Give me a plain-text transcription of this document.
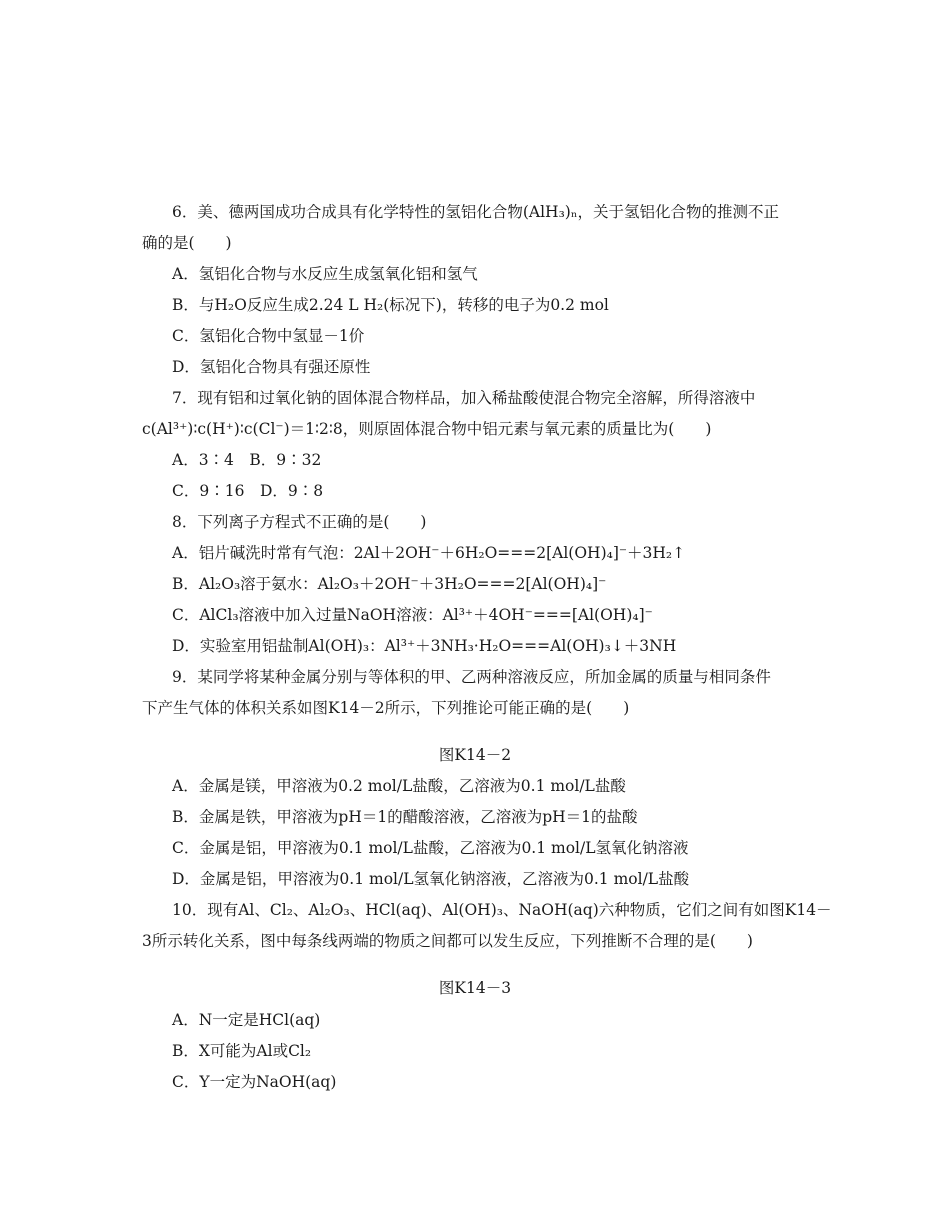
6．美、德两国成功合成具有化学特性的氢铝化合物(AlH₃)ₙ，关于氢铝化合物的推测不正
确的是(　　)
A．氢铝化合物与水反应生成氢氧化铝和氢气
B．与H₂O反应生成2.24 L H₂(标况下)，转移的电子为0.2 mol
C．氢铝化合物中氢显－1价
D．氢铝化合物具有强还原性
7．现有铝和过氧化钠的固体混合物样品，加入稀盐酸使混合物完全溶解，所得溶液中
c(Al³⁺)∶c(H⁺)∶c(Cl⁻)＝1∶2∶8，则原固体混合物中铝元素与氧元素的质量比为(　　)
A．3∶4　B．9∶32
C．9∶16　D．9∶8
8．下列离子方程式不正确的是(　　)
A．铝片碱洗时常有气泡：2Al＋2OH⁻＋6H₂O===2[Al(OH)₄]⁻＋3H₂↑
B．Al₂O₃溶于氨水：Al₂O₃＋2OH⁻＋3H₂O===2[Al(OH)₄]⁻
C．AlCl₃溶液中加入过量NaOH溶液：Al³⁺＋4OH⁻===[Al(OH)₄]⁻
D．实验室用铝盐制Al(OH)₃：Al³⁺＋3NH₃·H₂O===Al(OH)₃↓＋3NH
9．某同学将某种金属分别与等体积的甲、乙两种溶液反应，所加金属的质量与相同条件
下产生气体的体积关系如图K14－2所示，下列推论可能正确的是(　　)
图K14－2
A．金属是镁，甲溶液为0.2 mol/L盐酸，乙溶液为0.1 mol/L盐酸
B．金属是铁，甲溶液为pH＝1的醋酸溶液，乙溶液为pH＝1的盐酸
C．金属是铝，甲溶液为0.1 mol/L盐酸，乙溶液为0.1 mol/L氢氧化钠溶液
D．金属是铝，甲溶液为0.1 mol/L氢氧化钠溶液，乙溶液为0.1 mol/L盐酸
10．现有Al、Cl₂、Al₂O₃、HCl(aq)、Al(OH)₃、NaOH(aq)六种物质，它们之间有如图K14－
3所示转化关系，图中每条线两端的物质之间都可以发生反应，下列推断不合理的是(　　)
图K14－3
A．N一定是HCl(aq)
B．X可能为Al或Cl₂
C．Y一定为NaOH(aq)
